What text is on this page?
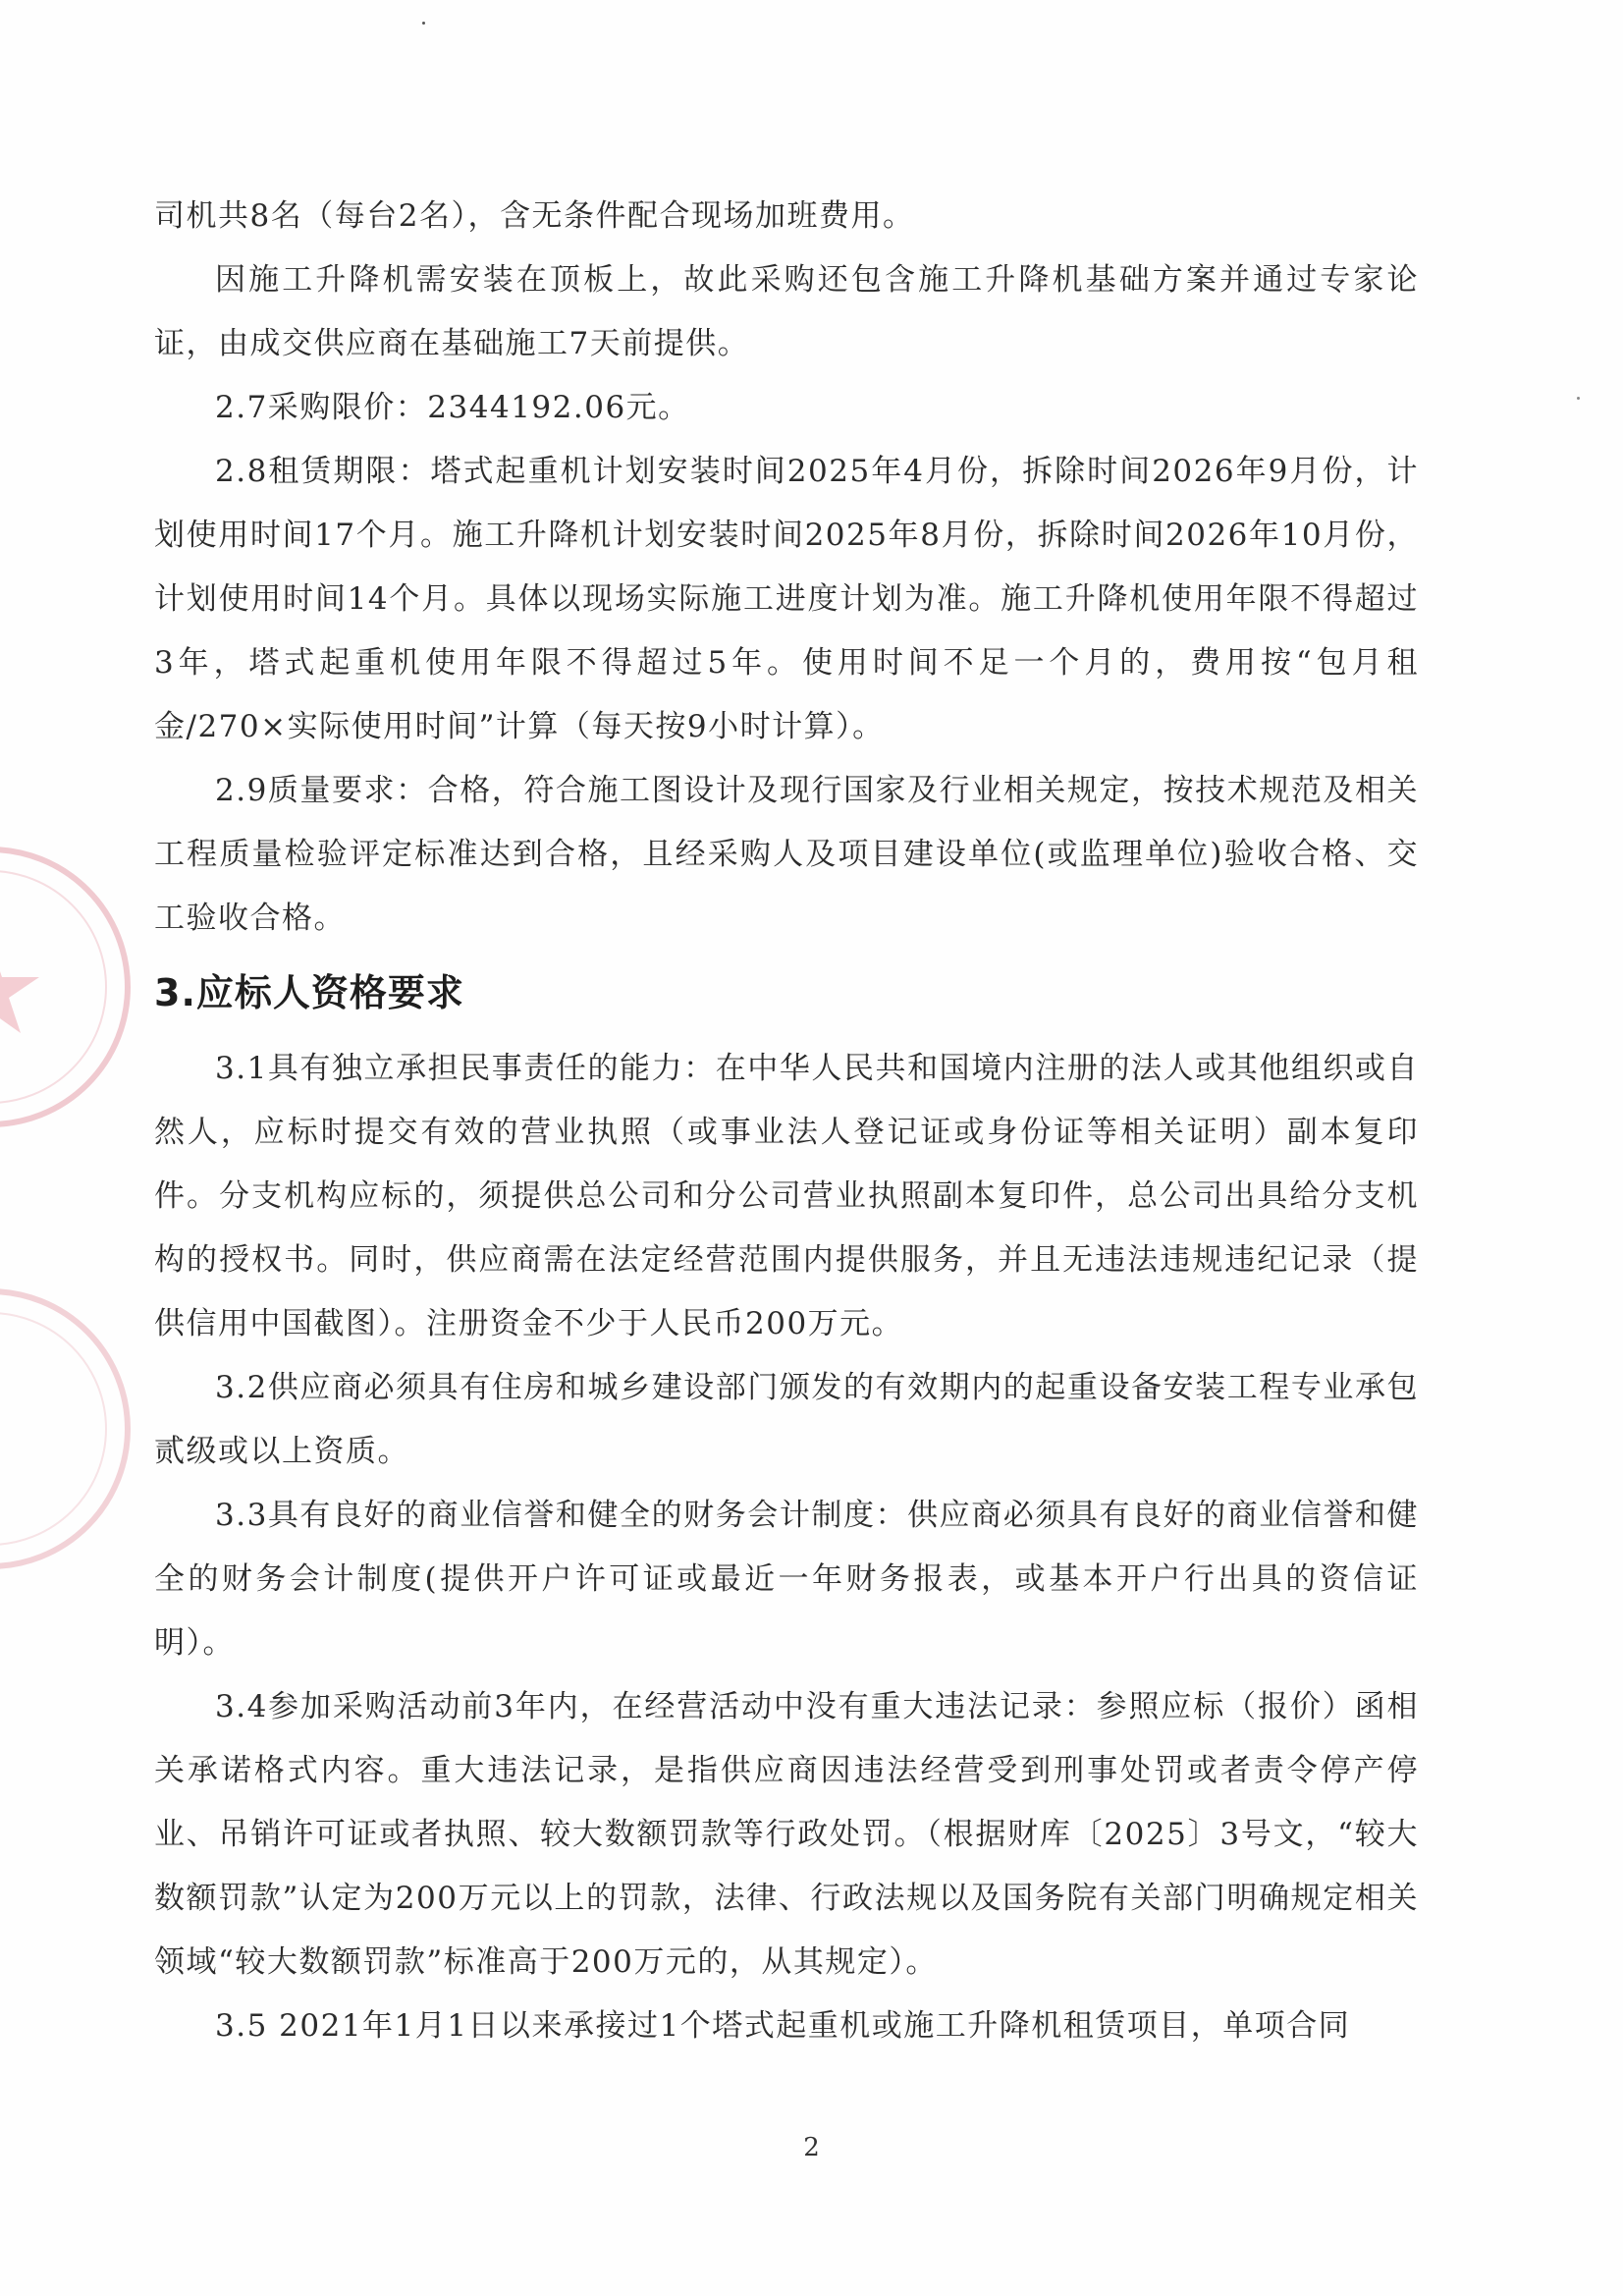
司机共8名（每台2名），含无条件配合现场加班费用。

因施工升降机需安装在顶板上，故此采购还包含施工升降机基础方案并通过专家论证，由成交供应商在基础施工7天前提供。

2.7采购限价：2344192.06元。

2.8租赁期限：塔式起重机计划安装时间2025年4月份，拆除时间2026年9月份，计划使用时间17个月。施工升降机计划安装时间2025年8月份，拆除时间2026年10月份，计划使用时间14个月。具体以现场实际施工进度计划为准。施工升降机使用年限不得超过3年，塔式起重机使用年限不得超过5年。使用时间不足一个月的，费用按“包月租金/270×实际使用时间”计算（每天按9小时计算）。

2.9质量要求：合格，符合施工图设计及现行国家及行业相关规定，按技术规范及相关工程质量检验评定标准达到合格，且经采购人及项目建设单位(或监理单位)验收合格、交工验收合格。

3.应标人资格要求

3.1具有独立承担民事责任的能力：在中华人民共和国境内注册的法人或其他组织或自然人，应标时提交有效的营业执照（或事业法人登记证或身份证等相关证明）副本复印件。分支机构应标的，须提供总公司和分公司营业执照副本复印件，总公司出具给分支机构的授权书。同时，供应商需在法定经营范围内提供服务，并且无违法违规违纪记录（提供信用中国截图）。注册资金不少于人民币200万元。

3.2供应商必须具有住房和城乡建设部门颁发的有效期内的起重设备安装工程专业承包贰级或以上资质。

3.3具有良好的商业信誉和健全的财务会计制度：供应商必须具有良好的商业信誉和健全的财务会计制度(提供开户许可证或最近一年财务报表，或基本开户行出具的资信证明）。

3.4参加采购活动前3年内，在经营活动中没有重大违法记录：参照应标（报价）函相关承诺格式内容。重大违法记录，是指供应商因违法经营受到刑事处罚或者责令停产停业、吊销许可证或者执照、较大数额罚款等行政处罚。（根据财库〔2025〕3号文，“较大数额罚款”认定为200万元以上的罚款，法律、行政法规以及国务院有关部门明确规定相关领域“较大数额罚款”标准高于200万元的，从其规定）。

3.5 2021年1月1日以来承接过1个塔式起重机或施工升降机租赁项目，单项合同

2
